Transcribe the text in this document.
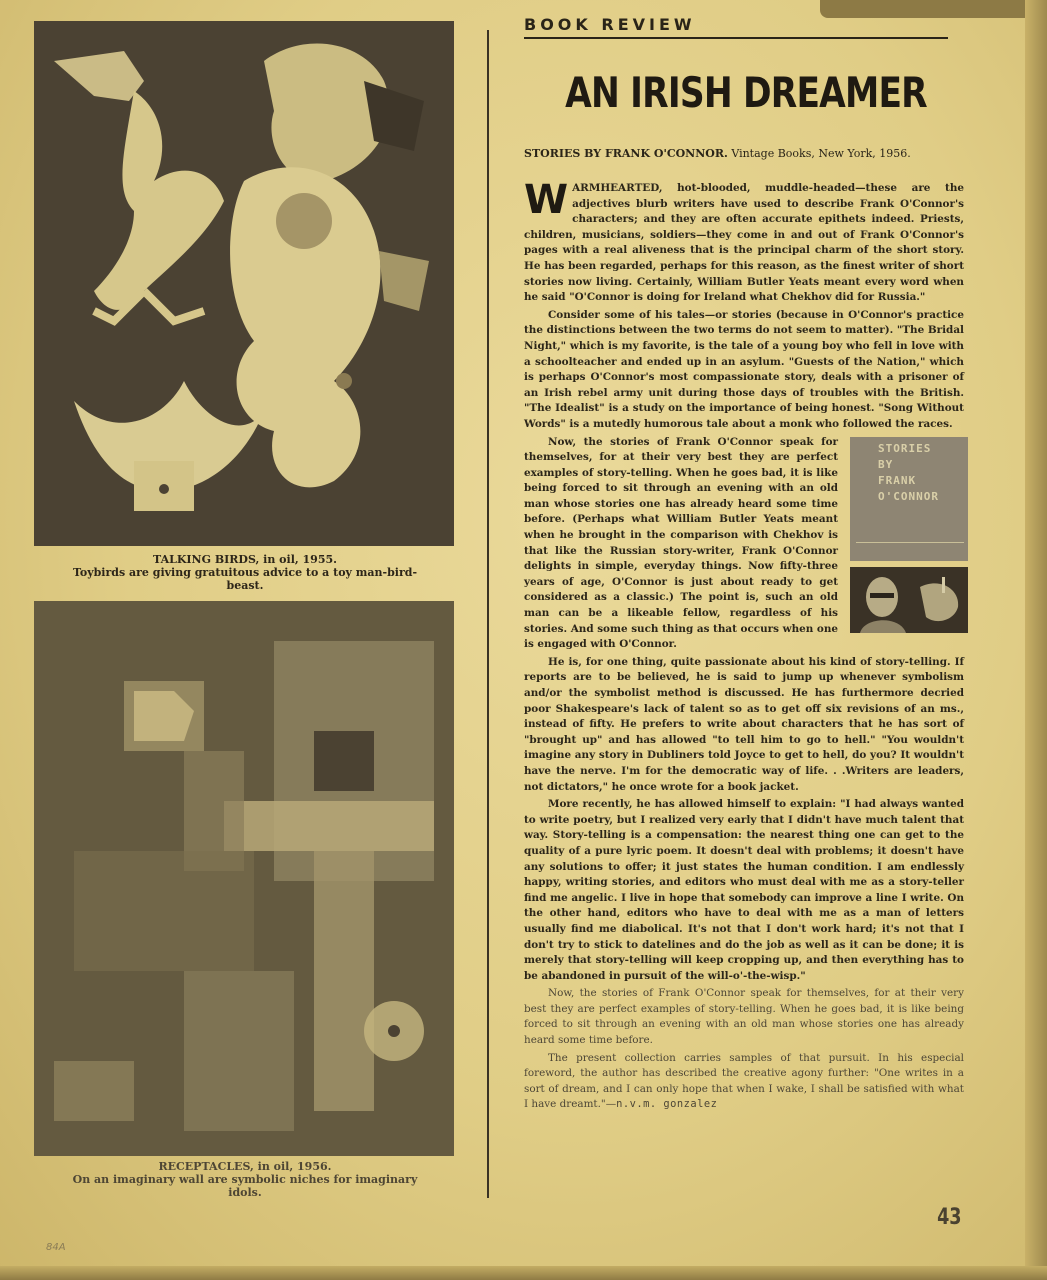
TALKING BIRDS, in oil, 1955.
Toybirds are giving gratuitous advice to a toy man-bird-beast.
RECEPTACLES, in oil, 1956.
On an imaginary wall are symbolic niches for imaginary idols.
BOOK REVIEW
AN IRISH DREAMER
STORIES BY FRANK O'CONNOR. Vintage Books, New York, 1956.

WARMHEARTED, hot-blooded, muddle-headed—these are the adjectives blurb writers have used to describe Frank O'Connor's characters; and they are often accurate epithets indeed. Priests, children, musicians, soldiers—they come in and out of Frank O'Connor's pages with a real aliveness that is the principal charm of the short story. He has been regarded, perhaps for this reason, as the finest writer of short stories now living. Certainly, William Butler Yeats meant every word when he said "O'Connor is doing for Ireland what Chekhov did for Russia."

Consider some of his tales—or stories (because in O'Connor's practice the distinctions between the two terms do not seem to matter). "The Bridal Night," which is my favorite, is the tale of a young boy who fell in love with a schoolteacher and ended up in an asylum. "Guests of the Nation," which is perhaps O'Connor's most compassionate story, deals with a prisoner of an Irish rebel army unit during those days of troubles with the British. "The Idealist" is a study on the importance of being honest. "Song Without Words" is a mutedly humorous tale about a monk who followed the races.

STORIES
BY
FRANK
O'CONNOR
Now, the stories of Frank O'Connor speak for themselves, for at their very best they are perfect examples of story-telling. When he goes bad, it is like being forced to sit through an evening with an old man whose stories one has already heard some time before. (Perhaps what William Butler Yeats meant when he brought in the comparison with Chekhov is that like the Russian story-writer, Frank O'Connor delights in simple, everyday things. Now fifty-three years of age, O'Connor is just about ready to get considered as a classic.) The point is, such an old man can be a likeable fellow, regardless of his stories. And some such thing as that occurs when one is engaged with O'Connor.

He is, for one thing, quite passionate about his kind of story-telling. If reports are to be believed, he is said to jump up whenever symbolism and/or the symbolist method is discussed. He has furthermore decried poor Shakespeare's lack of talent so as to get off six revisions of an ms., instead of fifty. He prefers to write about characters that he has sort of "brought up" and has allowed "to tell him to go to hell." "You wouldn't imagine any story in Dubliners told Joyce to get to hell, do you? It wouldn't have the nerve. I'm for the democratic way of life. . .Writers are leaders, not dictators," he once wrote for a book jacket.

More recently, he has allowed himself to explain: "I had always wanted to write poetry, but I realized very early that I didn't have much talent that way. Story-telling is a compensation: the nearest thing one can get to the quality of a pure lyric poem. It doesn't deal with problems; it doesn't have any solutions to offer; it just states the human condition. I am endlessly happy, writing stories, and editors who must deal with me as a story-teller find me angelic. I live in hope that somebody can improve a line I write. On the other hand, editors who have to deal with me as a man of letters usually find me diabolical. It's not that I don't work hard; it's not that I don't try to stick to datelines and do the job as well as it can be done; it is merely that story-telling will keep cropping up, and then everything has to be abandoned in pursuit of the will-o'-the-wisp."

Now, the stories of Frank O'Connor speak for themselves, for at their very best they are perfect examples of story-telling. When he goes bad, it is like being forced to sit through an evening with an old man whose stories one has already heard some time before.

The present collection carries samples of that pursuit. In his especial foreword, the author has described the creative agony further: "One writes in a sort of dream, and I can only hope that when I wake, I shall be satisfied with what I have dreamt."—n.v.m. gonzalez

43
84A
